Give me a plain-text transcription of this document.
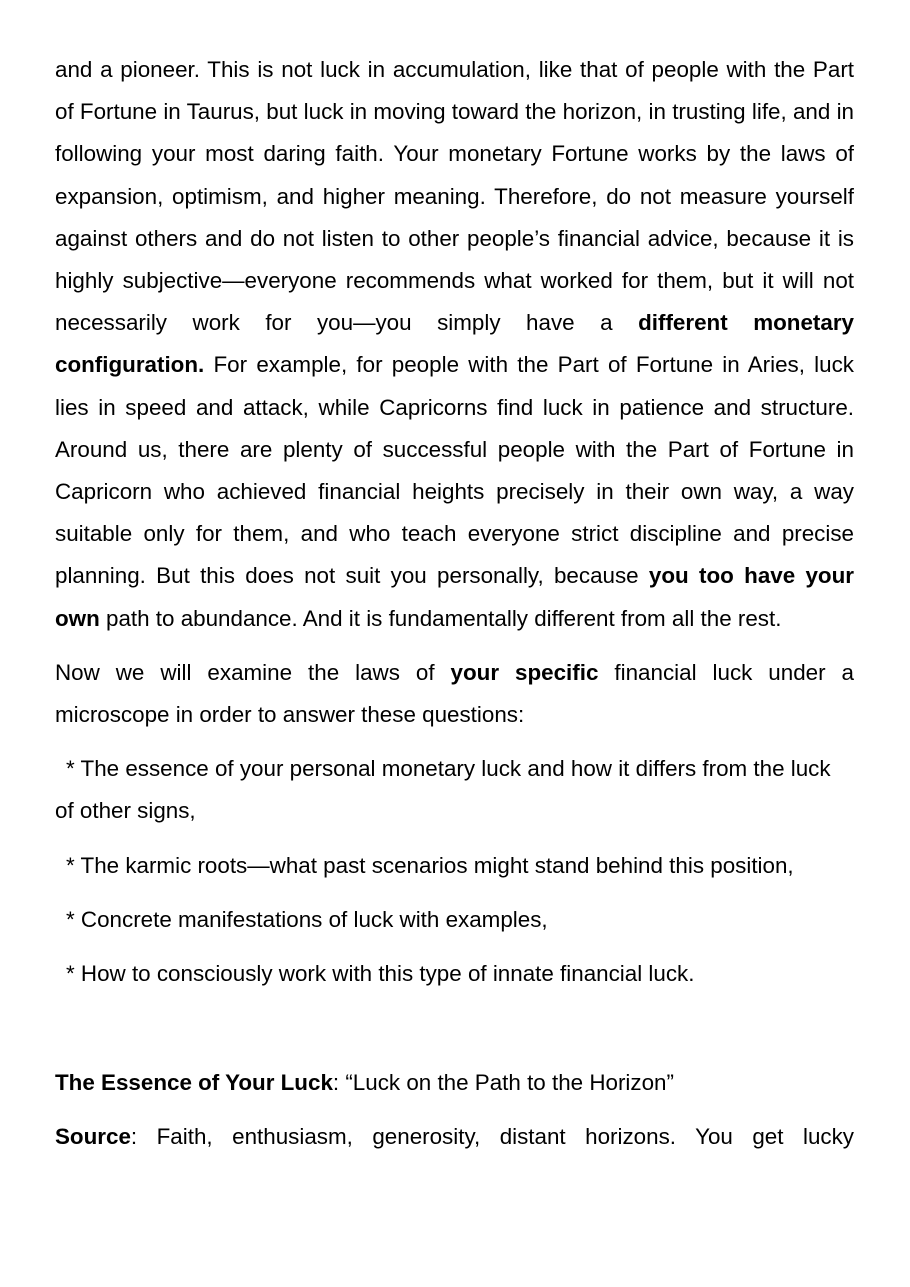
and a pioneer. This is not luck in accumulation, like that of people with the Part of Fortune in Taurus, but luck in moving toward the horizon, in trusting life, and in following your most daring faith. Your monetary Fortune works by the laws of expansion, optimism, and higher meaning. Therefore, do not measure yourself against others and do not listen to other people’s financial advice, because it is highly subjective—everyone recommends what worked for them, but it will not necessarily work for you—you simply have a different monetary configuration. For example, for people with the Part of Fortune in Aries, luck lies in speed and attack, while Capricorns find luck in patience and structure. Around us, there are plenty of successful people with the Part of Fortune in Capricorn who achieved financial heights precisely in their own way, a way suitable only for them, and who teach everyone strict discipline and precise planning. But this does not suit you personally, because you too have your own path to abundance. And it is fundamentally different from all the rest.

Now we will examine the laws of your specific financial luck under a microscope in order to answer these questions:

* The essence of your personal monetary luck and how it differs from the luck of other signs,

* The karmic roots—what past scenarios might stand behind this position,

* Concrete manifestations of luck with examples,

* How to consciously work with this type of innate financial luck.

The Essence of Your Luck: “Luck on the Path to the Horizon”

Source: Faith, enthusiasm, generosity, distant horizons. You get lucky
